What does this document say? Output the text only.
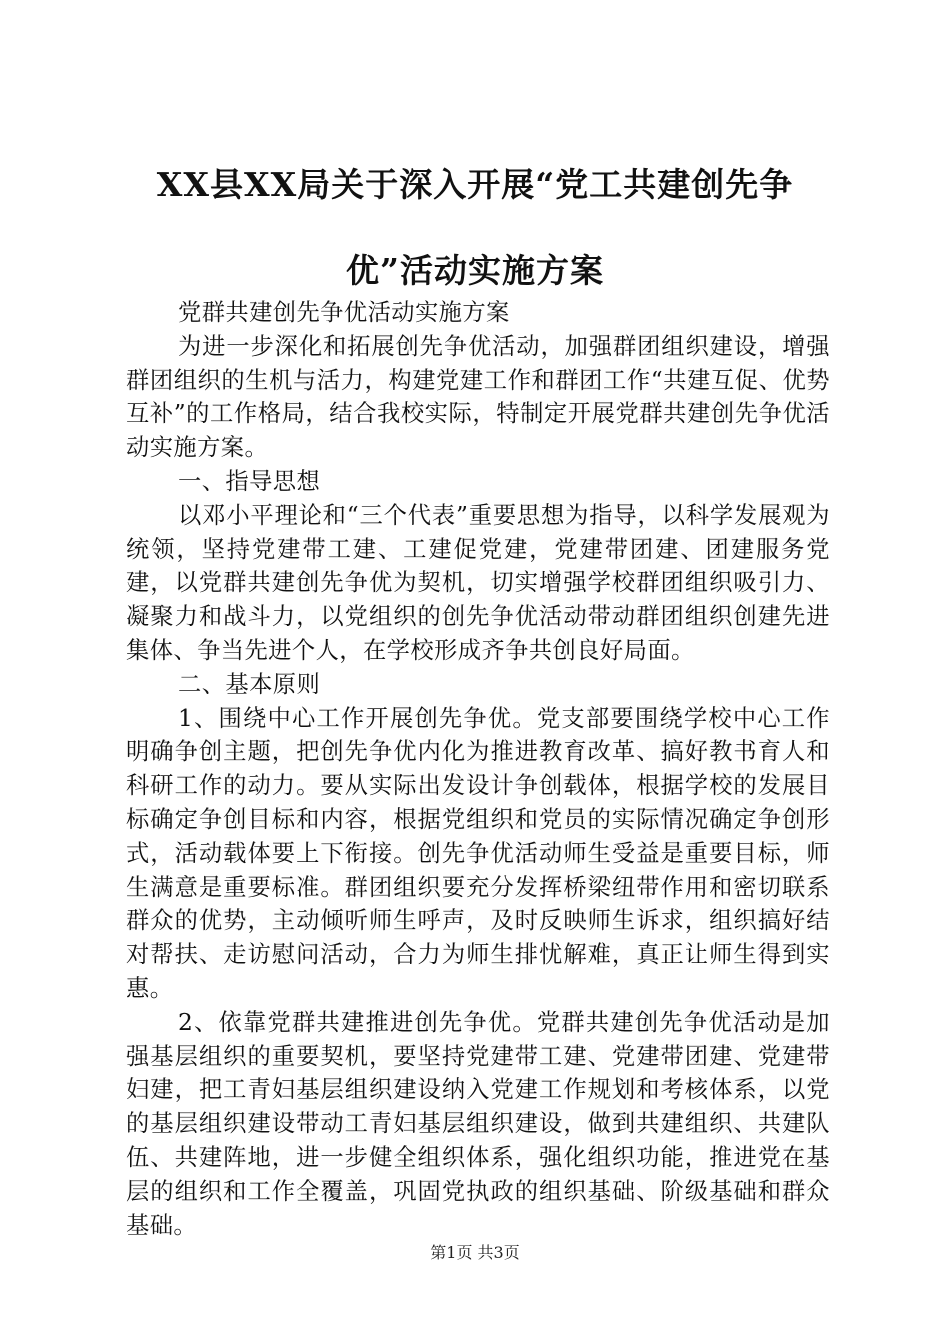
XX县XX局关于深入开展“党工共建创先争
优”活动实施方案

党群共建创先争优活动实施方案

为进一步深化和拓展创先争优活动，加强群团组织建设，增强群团组织的生机与活力，构建党建工作和群团工作“共建互促、优势互补”的工作格局，结合我校实际，特制定开展党群共建创先争优活动实施方案。

一、指导思想

以邓小平理论和“三个代表”重要思想为指导，以科学发展观为统领，坚持党建带工建、工建促党建，党建带团建、团建服务党建，以党群共建创先争优为契机，切实增强学校群团组织吸引力、凝聚力和战斗力，以党组织的创先争优活动带动群团组织创建先进集体、争当先进个人，在学校形成齐争共创良好局面。

二、基本原则

1、围绕中心工作开展创先争优。党支部要围绕学校中心工作明确争创主题，把创先争优内化为推进教育改革、搞好教书育人和科研工作的动力。要从实际出发设计争创载体，根据学校的发展目标确定争创目标和内容，根据党组织和党员的实际情况确定争创形式，活动载体要上下衔接。创先争优活动师生受益是重要目标，师生满意是重要标准。群团组织要充分发挥桥梁纽带作用和密切联系群众的优势，主动倾听师生呼声，及时反映师生诉求，组织搞好结对帮扶、走访慰问活动，合力为师生排忧解难，真正让师生得到实惠。

2、依靠党群共建推进创先争优。党群共建创先争优活动是加强基层组织的重要契机，要坚持党建带工建、党建带团建、党建带妇建，把工青妇基层组织建设纳入党建工作规划和考核体系，以党的基层组织建设带动工青妇基层组织建设，做到共建组织、共建队伍、共建阵地，进一步健全组织体系，强化组织功能，推进党在基层的组织和工作全覆盖，巩固党执政的组织基础、阶级基础和群众基础。

第1页 共3页
